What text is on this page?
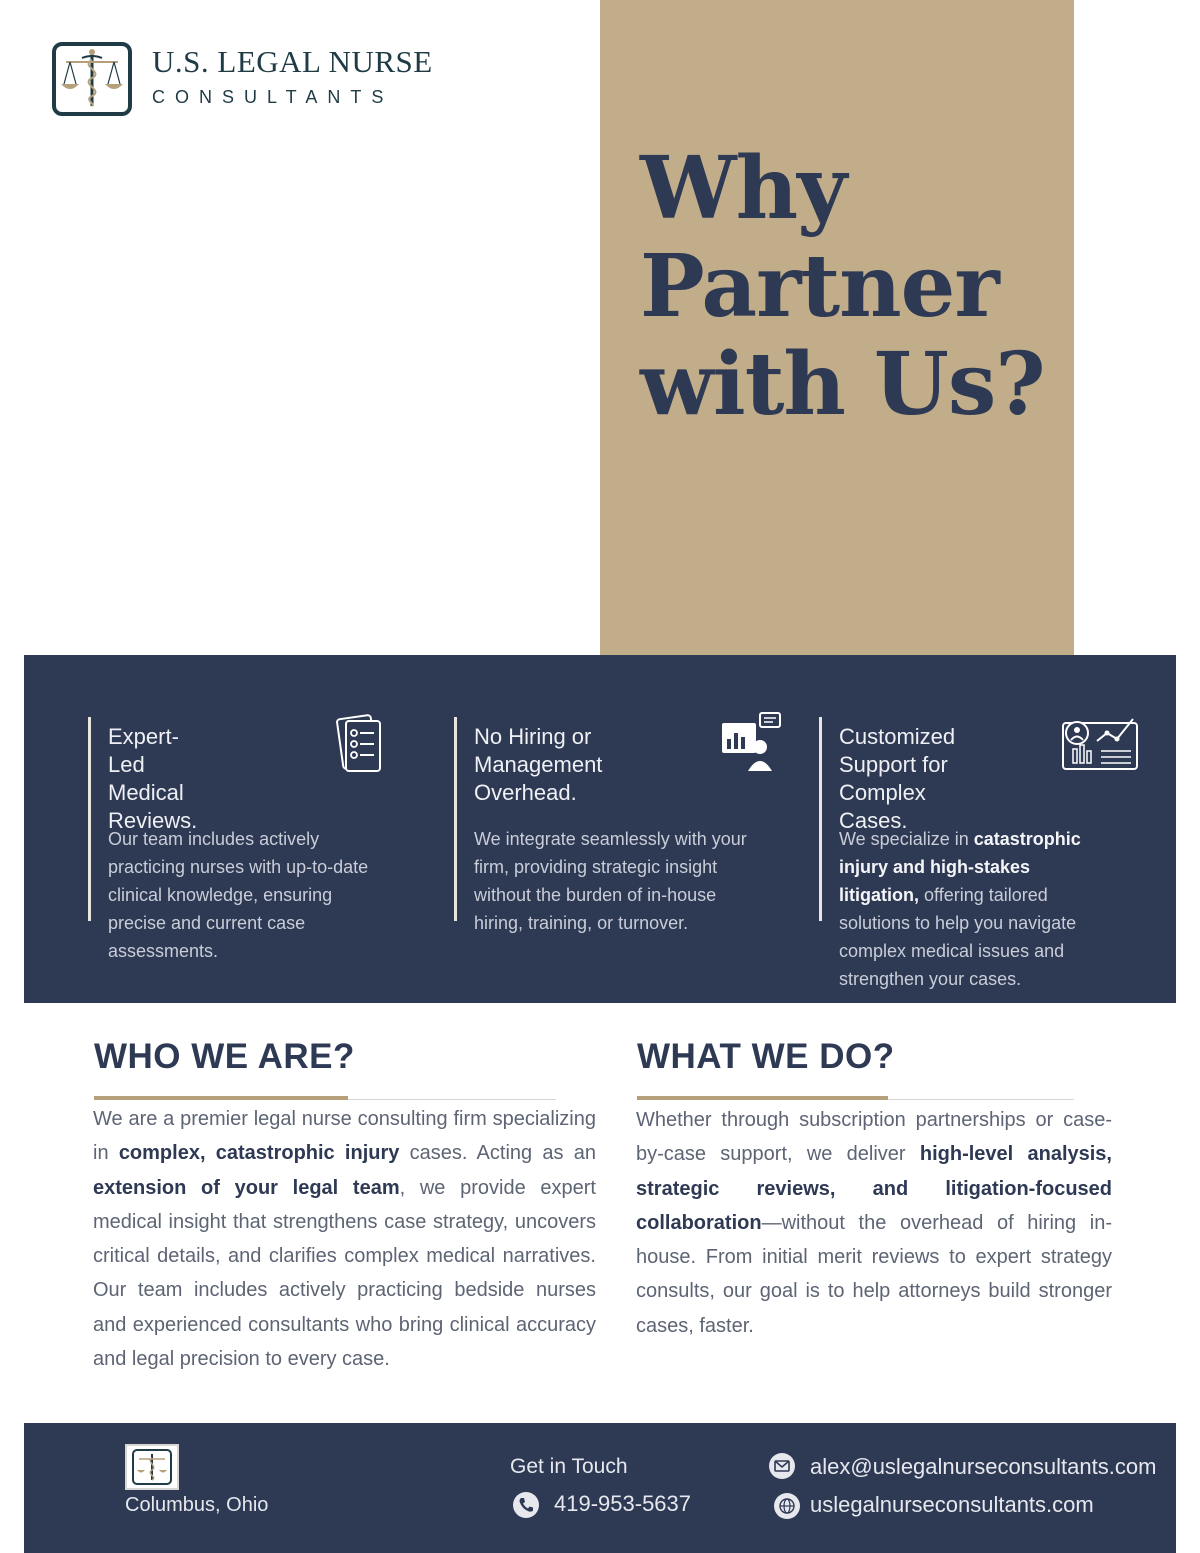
Why
Partner
with Us?
U.S. LEGAL NURSE
CONSULTANTS
Expert-Led
Medical Reviews.

Our team includes actively practicing nurses with up-to-date clinical knowledge, ensuring precise and current case assessments.

No Hiring or
Management
Overhead.

We integrate seamlessly with your firm, providing strategic insight without the burden of in-house hiring, training, or turnover.

Customized
Support for
Complex Cases.

We specialize in catastrophic injury and high-stakes litigation, offering tailored solutions to help you navigate complex medical issues and strengthen your cases.

WHO WE ARE?

We are a premier legal nurse consulting firm specializing in complex, catastrophic injury cases. Acting as an extension of your legal team, we provide expert medical insight that strengthens case strategy, uncovers critical details, and clarifies complex medical narratives. Our team includes actively practicing bedside nurses and experienced consultants who bring clinical accuracy and legal precision to every case.

WHAT WE DO?

Whether through subscription partnerships or case-by-case support, we deliver high-level analysis, strategic reviews, and litigation-focused collaboration—without the overhead of hiring in-house. From initial merit reviews to expert strategy consults, our goal is to help attorneys build stronger cases, faster.

Columbus, Ohio
Get in Touch
419-953-5637
alex@uslegalnurseconsultants.com
uslegalnurseconsultants.com
